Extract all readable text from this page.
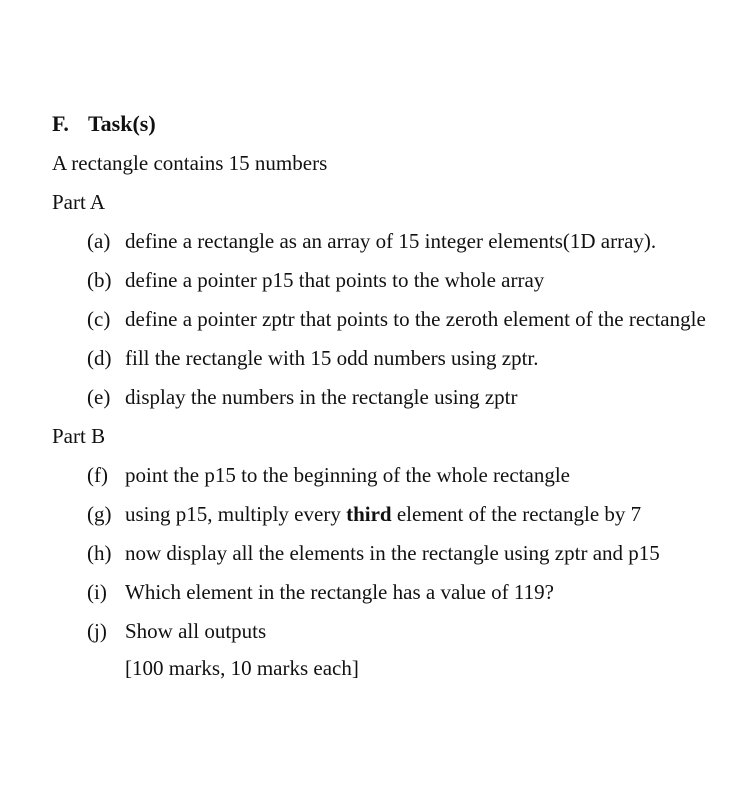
F. Task(s)
A rectangle contains 15 numbers
Part A
(a) define a rectangle as an array of 15 integer elements(1D array).
(b) define a pointer p15 that points to the whole array
(c) define a pointer zptr that points to the zeroth element of the rectangle
(d) fill the rectangle with 15 odd numbers using zptr.
(e) display the numbers in the rectangle using zptr
Part B
(f) point the p15 to the beginning of the whole rectangle
(g) using p15, multiply every third element of the rectangle by 7
(h) now display all the elements in the rectangle using zptr and p15
(i) Which element in the rectangle has a value of 119?
(j) Show all outputs
[100 marks, 10 marks each]
